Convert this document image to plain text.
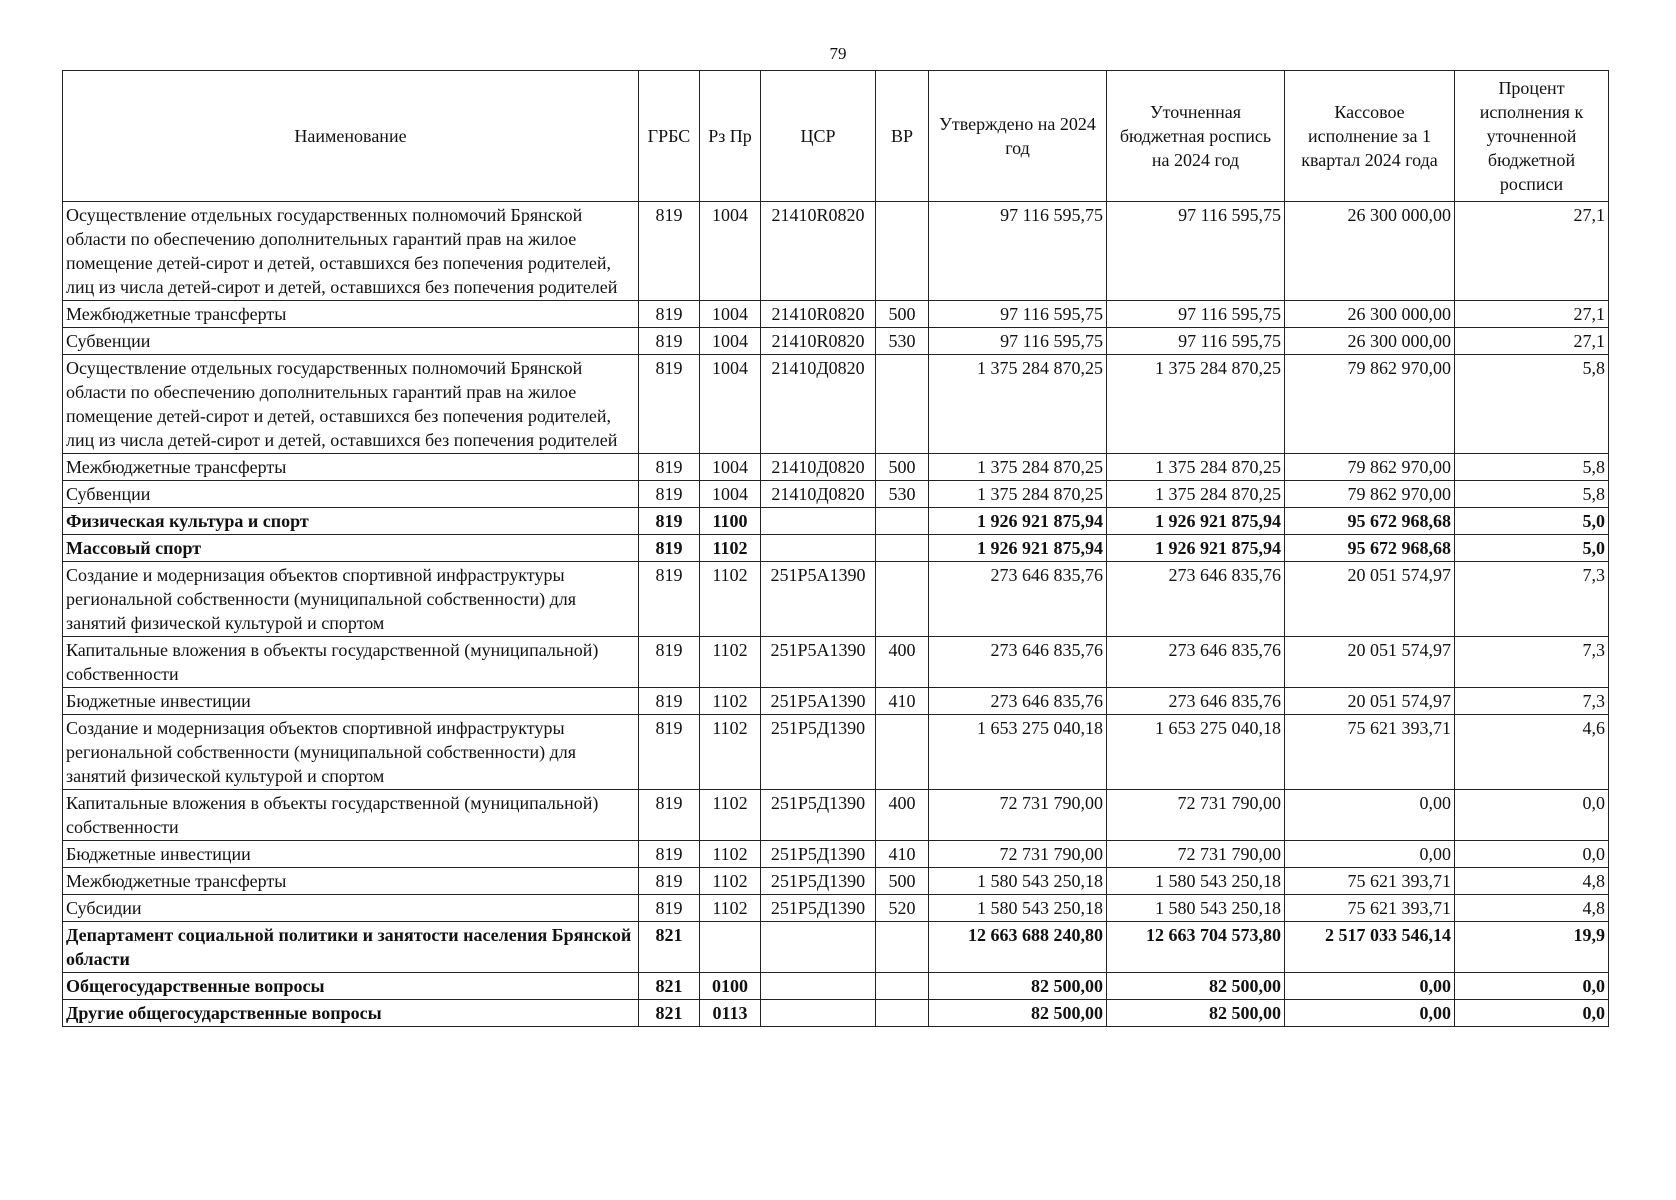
79
Наименование	ГРБС	Рз Пр	ЦСР	ВР	Утверждено на 2024 год	Уточненная бюджетная роспись на 2024 год	Кассовое исполнение за 1 квартал 2024 года	Процент исполнения к уточненной бюджетной росписи
Осуществление отдельных государственных полномочий Брянской области по обеспечению дополнительных гарантий прав на жилое помещение детей-сирот и детей, оставшихся без попечения родителей, лиц из числа детей-сирот и детей, оставшихся без попечения родителей	819	1004	21410R0820		97 116 595,75	97 116 595,75	26 300 000,00	27,1
Межбюджетные трансферты	819	1004	21410R0820	500	97 116 595,75	97 116 595,75	26 300 000,00	27,1
Субвенции	819	1004	21410R0820	530	97 116 595,75	97 116 595,75	26 300 000,00	27,1
Осуществление отдельных государственных полномочий Брянской области по обеспечению дополнительных гарантий прав на жилое помещение детей-сирот и детей, оставшихся без попечения родителей, лиц из числа детей-сирот и детей, оставшихся без попечения родителей	819	1004	21410Д0820		1 375 284 870,25	1 375 284 870,25	79 862 970,00	5,8
Межбюджетные трансферты	819	1004	21410Д0820	500	1 375 284 870,25	1 375 284 870,25	79 862 970,00	5,8
Субвенции	819	1004	21410Д0820	530	1 375 284 870,25	1 375 284 870,25	79 862 970,00	5,8
Физическая культура и спорт	819	1100			1 926 921 875,94	1 926 921 875,94	95 672 968,68	5,0
Массовый спорт	819	1102			1 926 921 875,94	1 926 921 875,94	95 672 968,68	5,0
Создание и модернизация объектов спортивной инфраструктуры региональной собственности (муниципальной собственности) для занятий физической культурой и спортом	819	1102	251P5A1390		273 646 835,76	273 646 835,76	20 051 574,97	7,3
Капитальные вложения в объекты государственной (муниципальной) собственности	819	1102	251P5A1390	400	273 646 835,76	273 646 835,76	20 051 574,97	7,3
Бюджетные инвестиции	819	1102	251P5A1390	410	273 646 835,76	273 646 835,76	20 051 574,97	7,3
Создание и модернизация объектов спортивной инфраструктуры региональной собственности (муниципальной собственности) для занятий физической культурой и спортом	819	1102	251P5Д1390		1 653 275 040,18	1 653 275 040,18	75 621 393,71	4,6
Капитальные вложения в объекты государственной (муниципальной) собственности	819	1102	251P5Д1390	400	72 731 790,00	72 731 790,00	0,00	0,0
Бюджетные инвестиции	819	1102	251P5Д1390	410	72 731 790,00	72 731 790,00	0,00	0,0
Межбюджетные трансферты	819	1102	251P5Д1390	500	1 580 543 250,18	1 580 543 250,18	75 621 393,71	4,8
Субсидии	819	1102	251P5Д1390	520	1 580 543 250,18	1 580 543 250,18	75 621 393,71	4,8
Департамент социальной политики и занятости населения Брянской области	821				12 663 688 240,80	12 663 704 573,80	2 517 033 546,14	19,9
Общегосударственные вопросы	821	0100			82 500,00	82 500,00	0,00	0,0
Другие общегосударственные вопросы	821	0113			82 500,00	82 500,00	0,00	0,0
